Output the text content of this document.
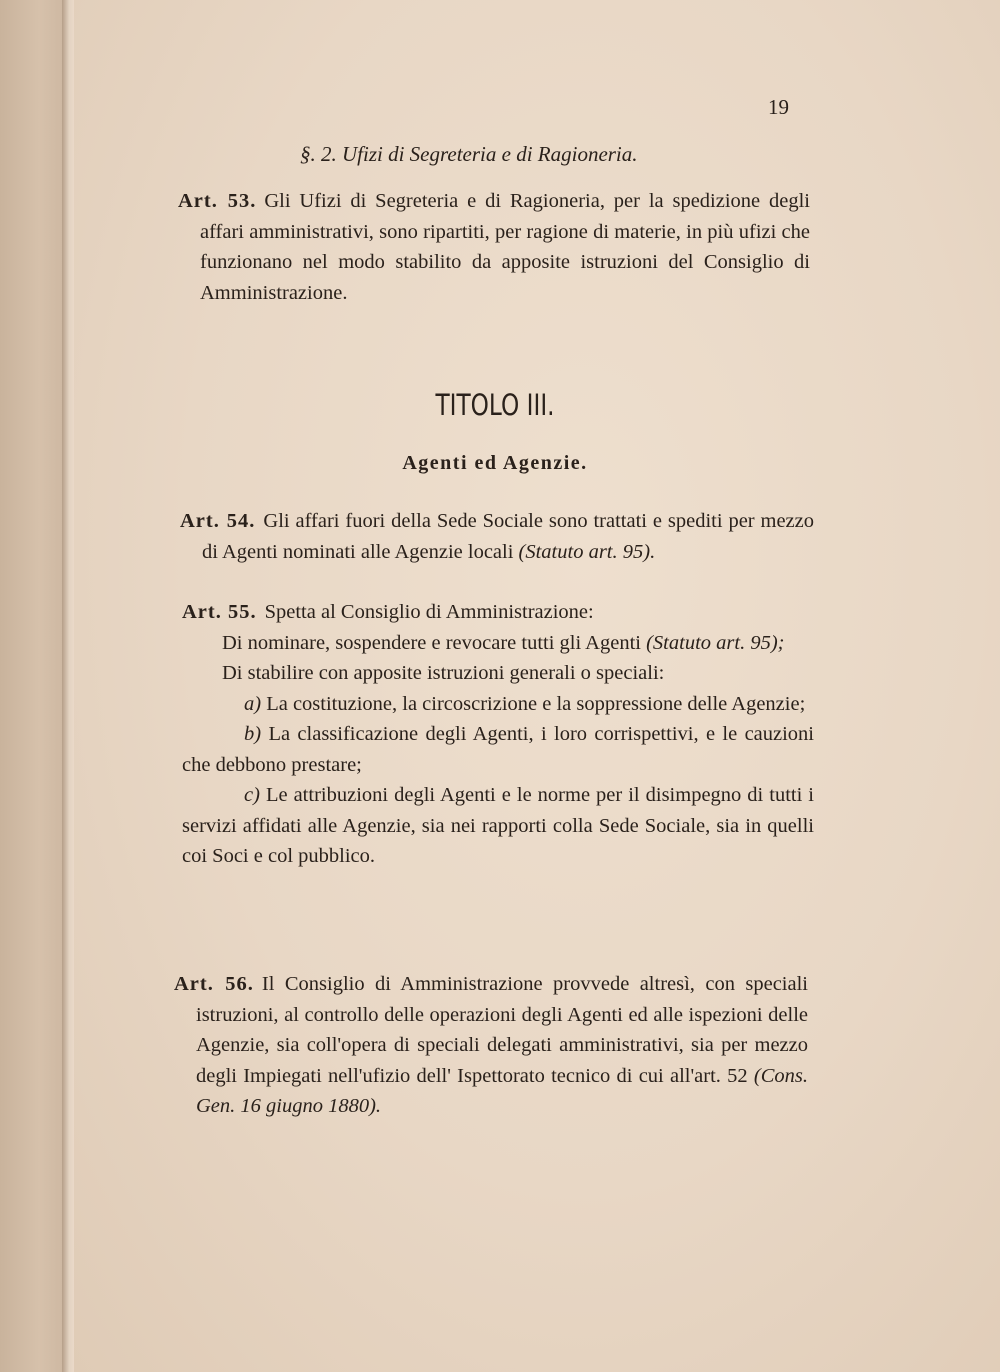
19
§. 2. Ufizi di Segreteria e di Ragioneria.

Art. 53. Gli Ufizi di Segreteria e di Ragioneria, per la spedizione degli affari amministrativi, sono ripartiti, per ragione di materie, in più ufizi che funzionano nel modo stabilito da apposite istruzioni del Consiglio di Amministrazione.

TITOLO III.
Agenti ed Agenzie.

Art. 54. Gli affari fuori della Sede Sociale sono trattati e spediti per mezzo di Agenti nominati alle Agenzie locali (Statuto art. 95).

Art. 55. Spetta al Consiglio di Amministrazione:

Di nominare, sospendere e revocare tutti gli Agenti (Statuto art. 95);

Di stabilire con apposite istruzioni generali o speciali:

a) La costituzione, la circoscrizione e la soppressione delle Agenzie;

b) La classificazione degli Agenti, i loro corrispettivi, e le cauzioni che debbono prestare;

c) Le attribuzioni degli Agenti e le norme per il disimpegno di tutti i servizi affidati alle Agenzie, sia nei rapporti colla Sede Sociale, sia in quelli coi Soci e col pubblico.

Art. 56. Il Consiglio di Amministrazione provvede altresì, con speciali istruzioni, al controllo delle operazioni degli Agenti ed alle ispezioni delle Agenzie, sia coll'opera di speciali delegati amministrativi, sia per mezzo degli Impiegati nell'ufizio dell' Ispettorato tecnico di cui all'art. 52 (Cons. Gen. 16 giugno 1880).
